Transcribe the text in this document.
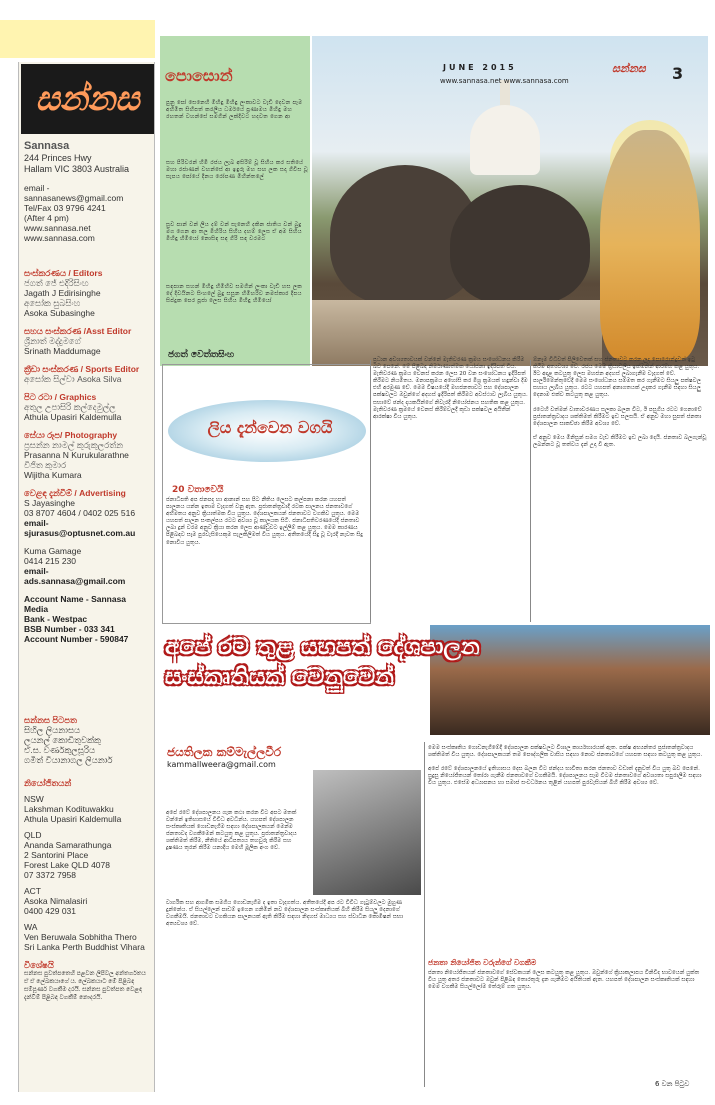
සන්නස
Sannasa
244 Princes Hwy
Hallam VIC 3803 Australia
email -
sannasanews@gmail.com
Tel/Fax 03 9796 4241
(After 4 pm)
www.sannasa.net
www.sannasa.com
සංස්කරණය / Editors
ජගත් ජේ එදිරිසිංහ
Jagath J Edirisinghe
අසෝක සුබසිංහ
Asoka Subasinghe
සහය සංස්කරණ /Asst Editor
ශ්‍රීනාත් මද්දුමගේ
Srinath Maddumage
ක්‍රීඩා සංස්කරණ / Sports Editor
අසෝක සිල්වා Asoka Silva
පිට රටා / Graphics
අතුල උපාසිරි කල්දෙමුල්ල
Athula Upasiri Kaldemulla
සේයා රූප/ Photography
ප්‍රසන්න නාමල් කුරුකුලරත්න
Prasanna N Kurukularathne
විජිත කුමාර
Wijitha Kumara
වෙළඳ දැන්වීම් / Advertising
S Jayasinghe
03 8707 4604 / 0402 025 516
email- sjurasus@optusnet.com.au
Kuma Gamage
0414 215 230
email- ads.sannasa@gmail.com
Account Name - Sannasa Media
Bank - Westpac
BSB Number - 033 341
Account Number - 590847
සන්නස පිටපත
සිහිල ලියනාසය
ලයනල් කොඩිතුවක්කු
ඒ.ස. වර්ණකුලසූරිය
ගමිත් වියානාගල ලියනාර්
නියෝජිතයන්
NSW
Lakshman Kodituwakku
Athula Upasiri Kaldemulla
QLD
Ananda Samarathunga
2 Santorini Place
Forest Lake QLD 4078
07 3372 7958
ACT
Asoka Nimalasiri
0400 429 031
WA
Ven Beruwala Sobhitha Thero
Sri Lanka Perth Buddhist Vihara
විශේෂයි
සන්නස පුවත්පතෙහි පළවන ලිපිවල අන්තර්ගතය ඒ ඒ ලේඛකයාගේ ය. ලේඛකයාට මේ පිළිබඳ සම්පූර්ණ වගකීම දරයි. සන්නස පුවත්පත වෙළඳ දැන්වීම් පිළිබඳ වගකීම් නොදරයි.
පොසොන්
පුනු පෝ සෙනෙහි මිහිඳු මිහිඳු ලංකාවට වැඩි දෙවන පෑම අහිමිත සිහිපත් කරලීය ධර්මයේ ප්‍රණාමය මිහිඳු මහ රහතන් වහන්සේ සමගින් ලක්දිවට හදවත ගෙන ආ
සහ පිරිවරන් හිමි රජය ලැබ අසිරිම් වූ සිහිය කර සතියේ මහා රජාණන් වහන්සේ ආ ඉඳුරු මහ සඟ ලක සදා ගිවිස වූ සැපය පෝයේ දිනය රෝපණ මිහින්තලේ
සුව පාන් වන් ලිය දම් වන් සැනෙහි දකින ජාතිය වන් බුදු මග ගෙන ආ තල මිහිරිය සිහිය දහම් ලෙස ඒ අම සිහිය මිහිඳු හිමියෝ නොසිඳ සඳ ගිරි සඳ වරමට
සඳපාන සහන් මිහිඳු හිමිහිව සමගින් ලංකා වැඩි හස ලක දේ දිවයිනට සිංහලේ බුදු සසුන හිමිහරිව නමස්කාර දීපය සිප්දුක පෙර පූජා ලෙස සිහිය මිහිඳු හිමියෝ
ජගත් වෙත්තසිංහ
JUNE 2015
www.sannasa.net www.sannasa.com
සන්නස 3
ලිය දැන්වෙන වගයි
20 වතාවෙයි
ජනාධිපති අප ජනපද හා ආනාන් සහ පිට නීතිය ලෙසට කල්පනා කරන යහපත් පාලනය යන්න ඉතාම වැදගත් වනු ඇත. ප්‍රජාතන්ත්‍රවාදී රටක පාලනය ජනතාවගේ අභිමතය අනුව ක්‍රියාත්මක විය යුතුය. දේශපාලකයන් ජනතාවට වගකිව යුතුය. මෙම යහපත් පාලන සංකල්පය රටට අවශ්‍ය වූ කාලයක සිටි. ජනාධිපතිවරණයේදී ජනතාව ලබා දුන් වරම අනුව ක්‍රියා කරන ලෙස ආණ්ඩුවට ඉල්ලීම් කළ යුතුය. මෙම කාරණය පිළිබඳව සෑම පුරවැසියෙකුම සැලකිලිමත් විය යුතුය. අතීතයේදී සිදු වූ වැරදි නැවත සිදු නොවිය යුතුය.
ප්‍රධාන අවශ්‍යතාවයක් වන්නේ මැතිවරණ ක්‍රමය සංශෝධනය කිරීම බව පෙනේ. මේ පිළිබඳ නිර්මාණාත්මක යෝජනා ඉදිරිපත් විය. මැතිවරණ ක්‍රමය වෙනස් කරන ලෙස 20 වන සංශෝධනය ඉදිරිපත් කිරීමට නියමිතය. මනාපක්‍රමය අහෝසි කර මිශ්‍ර ක්‍රමයක් හඳුන්වා දීම එහි අරමුණ වේ. මෙම විෂයයේදී මහජනතාවට සහ දේශපාලන පක්ෂවලට ඔවුන්ගේ අදහස් ඉදිරිපත් කිරීමට අවස්ථාව ලැබිය යුතුය. සභාවේ ඡන්ද දායකයින්ගේ නිවැරදි නියෝජනය සහතික කළ යුතුය. මැතිවරණ ක්‍රමයේ වෙනස් කිරීම්වලදී කුඩා පක්ෂවල අයිතීන් ආරක්ෂා විය යුතුය.
ඕනෑම විධිවත් පිලිවෙතක් සහ ජනතාවට කරන ලද පොරොන්දුවක් ඉටු කිරීම අත්‍යවශ්‍ය වේ. රජය මෙම ක්‍රියාවලිය ඉක්මනින් ආරම්භ කළ යුතුය. ඊට අදාළ කටයුතු ලෙස මහජන අදහස් ලබාගැනීම වැදගත් වේ. පාර්ලිමේන්තුවේදී මෙම සංශෝධනය සම්මත කර ගැනීමට සියලු පක්ෂවල සහාය ලැබිය යුතුය. රටට යහපත් අනාගතයක් උදාකර ගැනීම සඳහා සියලු දෙනාම එක්ව කටයුතු කළ යුතුය.

රටෙහි වත්මන් වාතාවරණය සලකා බලන විට, ඊ පසුගිය රටට ගෙනාවේ ප්‍රජාතන්ත්‍රවාදය ශක්තිමත් කිරීමට ඉඩ සලසයි. ඒ අනුව මහා සුපත් ජනතා දේශපාලන සාකච්ඡා කිරීම අවශ්‍ය වේ.

ඒ අනුව මෙය මිනිසුන් සමග වැඩ කිරීමට ඉඩ ලබා දෙයි. ජනතාව බලගැන්වූ ලබන්නට වූ තත්වය දැන් උදා වී ඇත.
අපේ රට තුළ යහපත් දේශපාලන සංස්කෘතියක් වෙනුවෙන්
ජයතිලක කම්මැල්ලවීර
kammallweera@gmail.com
අපේ රටේ දේශපාලනය ගැන කථා කරන විට අපට මතක් වන්නේ ඉතිහාසයේ විවිධ අවධීන්ය. යහපත් දේශපාලන සංස්කෘතියක් ගොඩනැගීම සඳහා දේශපාලකයන් මෙන්ම ජනතාවද වගකීමෙන් කටයුතු කළ යුතුය. ප්‍රජාතන්ත්‍රවාදය ශක්තිමත් කිරීම, නීතියේ ආධිපත්‍යය තහවුරු කිරීම සහ දූෂණය තුරන් කිරීම යනාදිය මෙහි මූලික අංග වේ.
වාර්ගික සහ ආගමික සමගිය ගොඩනැගීම ද ඉතා වැදගත්ය. අතීතයේදී අප රට විවිධ ගැටුම්වලට මුහුණ දුන්නේය. ඒ සියල්ලෙන් පාඩම් ඉගෙන ගනිමින් නව දේශපාලන සංස්කෘතියක් බිහි කිරීම සියලු දෙනාගේ වගකීමයි. ජනතාවට වගකියන පාලනයක් ඇති කිරීම සඳහා නිදහස් මාධ්‍යය සහ ස්වාධීන කොමිෂන් සභා අත්‍යවශ්‍ය වේ.
මෙම සංස්කෘතිය ගොඩනැගීමේදී දේශපාලන පක්ෂවලට විශාල කාර්යභාරයක් ඇත. පක්ෂ අභ්‍යන්තර ප්‍රජාතන්ත්‍රවාදය ශක්තිමත් විය යුතුය. දේශපාලකයන් තම පෞද්ගලික වාසිය සඳහා නොව ජනතාවගේ යහපත සඳහා කටයුතු කළ යුතුය.

අපේ රටේ දේශපාලනයේ ඉතිහාසය දෙස බලන විට ඡන්දය භාවිතා කරන ජනතාව වඩාත් දැනුවත් විය යුතු බව පෙනේ. සුදුසු නියෝජිතයන් තෝරා ගැනීම ජනතාවගේ වගකීමයි. දේශපාලනය සෑම විටම ජනතාවගේ අවශ්‍යතා සපුරාලීම සඳහා විය යුතුය. එසේම අධ්‍යාපනය හා සමාජ සංවර්ධනය තුළින් යහපත් පුරවැසියන් බිහි කිරීම අවශ්‍ය වේ.
ජනතා නියෝජිත වරුන්ගේ වගකීම
ජනතා නියෝජිතයන් ජනතාවගේ සේවකයන් ලෙස කටයුතු කළ යුතුය. ඔවුන්ගේ ක්‍රියාකලාපය විනිවිද භාවයෙන් යුක්ත විය යුතු අතර ජනතාවට ඔවුන් පිළිබඳ තොරතුරු දැන ගැනීමට අයිතියක් ඇත. යහපත් දේශපාලන සංස්කෘතියක් සඳහා මෙම වගකීම සියල්ලෝම තේරුම් ගත යුතුය.
6 වන පිටුව
